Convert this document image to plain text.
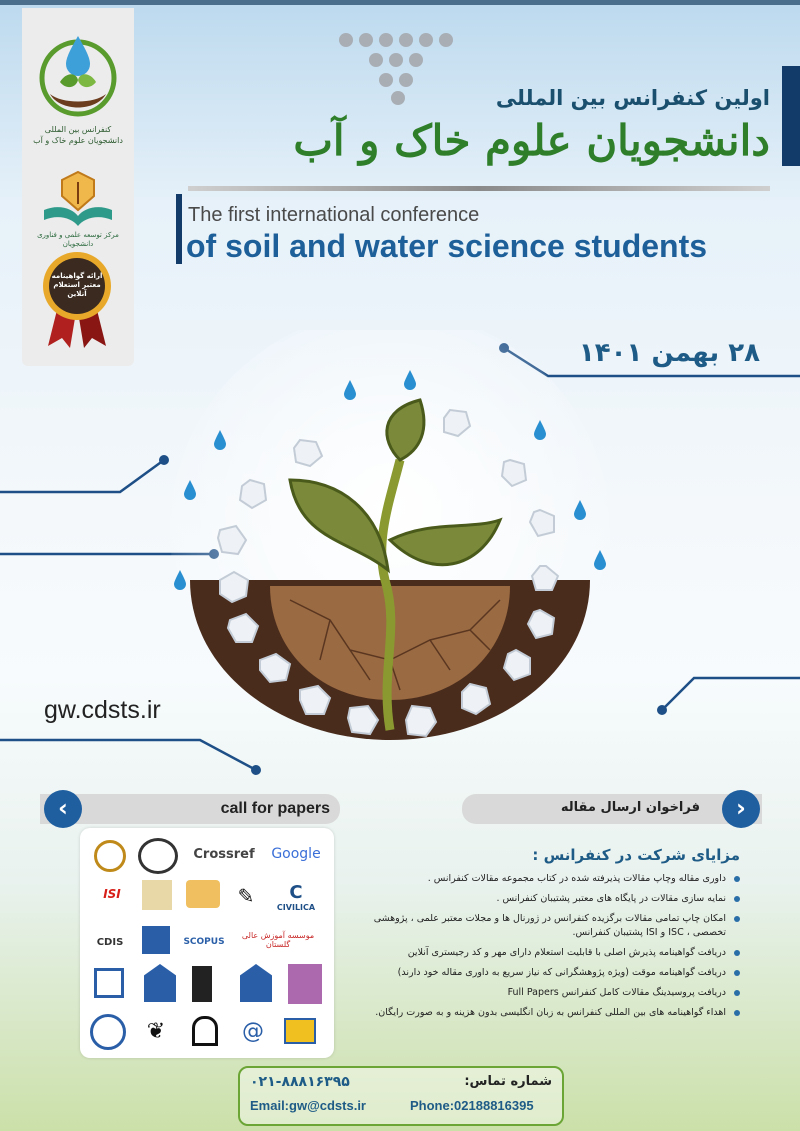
کنفرانس بین المللی دانشجویان علوم خاک و آب
مرکز توسعه علمی و فناوری دانشجویان
ارائه گواهینامه معتبر استعلام آنلاین
اولین کنفرانس بین المللی
دانشجویان علوم خاک و آب
The first international conference
of soil and water science students
۲۸ بهمن ۱۴۰۱
gw.cdsts.ir
call for papers
‹	فراخوان ارسال مقاله	›
Crossref	Google
ISI	✎	C
CIVILICA
CDIS	SCOPUS
موسسه آموزش عالی گلستان
❦	@
مزایای شرکت در کنفرانس :
داوری مقاله وچاپ مقالات پذیرفته شده در کتاب مجموعه مقالات کنفرانس .
نمایه سازی مقالات در پایگاه های معتبر پشتیبان کنفرانس .
امکان چاپ تمامی مقالات برگزیده کنفرانس در ژورنال ها و مجلات معتبر علمی ، پژوهشی تخصصی ، ISC و ISI پشتیبان کنفرانس.
دریافت گواهینامه پذیرش اصلی با قابلیت استعلام دارای مهر و کد رجیستری آنلاین
دریافت گواهینامه موقت (ویژه پژوهشگرانی که نیاز سریع به داوری مقاله خود دارند)
دریافت پروسیدینگ مقالات کامل کنفرانس Full Papers
اهداء گواهینامه های بین المللی کنفرانس به زبان انگلیسی بدون هزینه و به صورت رایگان.
۰۲۱-۸۸۸۱۶۳۹۵	شماره تماس:
Email:gw@cdsts.ir	Phone:02188816395
